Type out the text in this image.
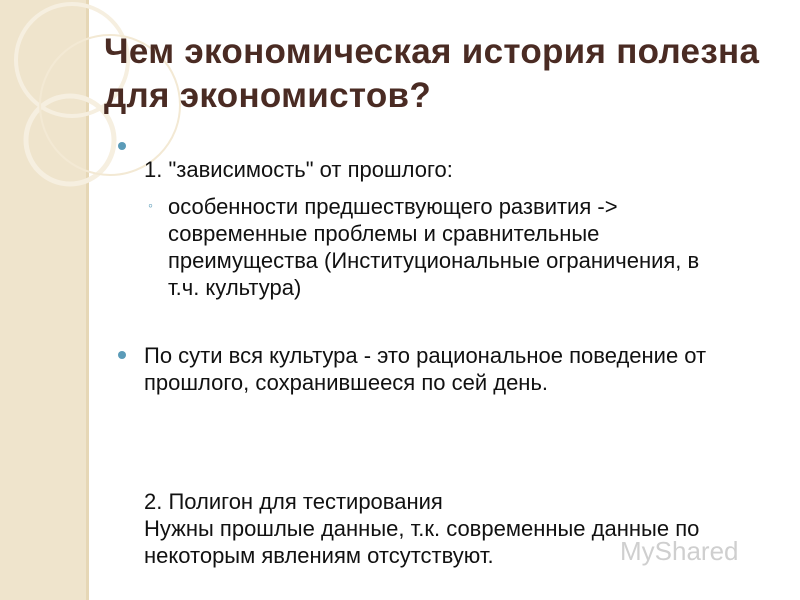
Чем экономическая история полезна для экономистов?
1. "зависимость" от прошлого:
◦ особенности предшествующего развития -> современные проблемы и сравнительные преимущества (Институциональные ограничения, в т.ч. культура)
По сути вся культура - это рациональное поведение от прошлого, сохранившееся по сей день.
2. Полигон для тестирования
Нужны прошлые данные, т.к. современные данные по некоторым явлениям отсутствуют.	MyShared
